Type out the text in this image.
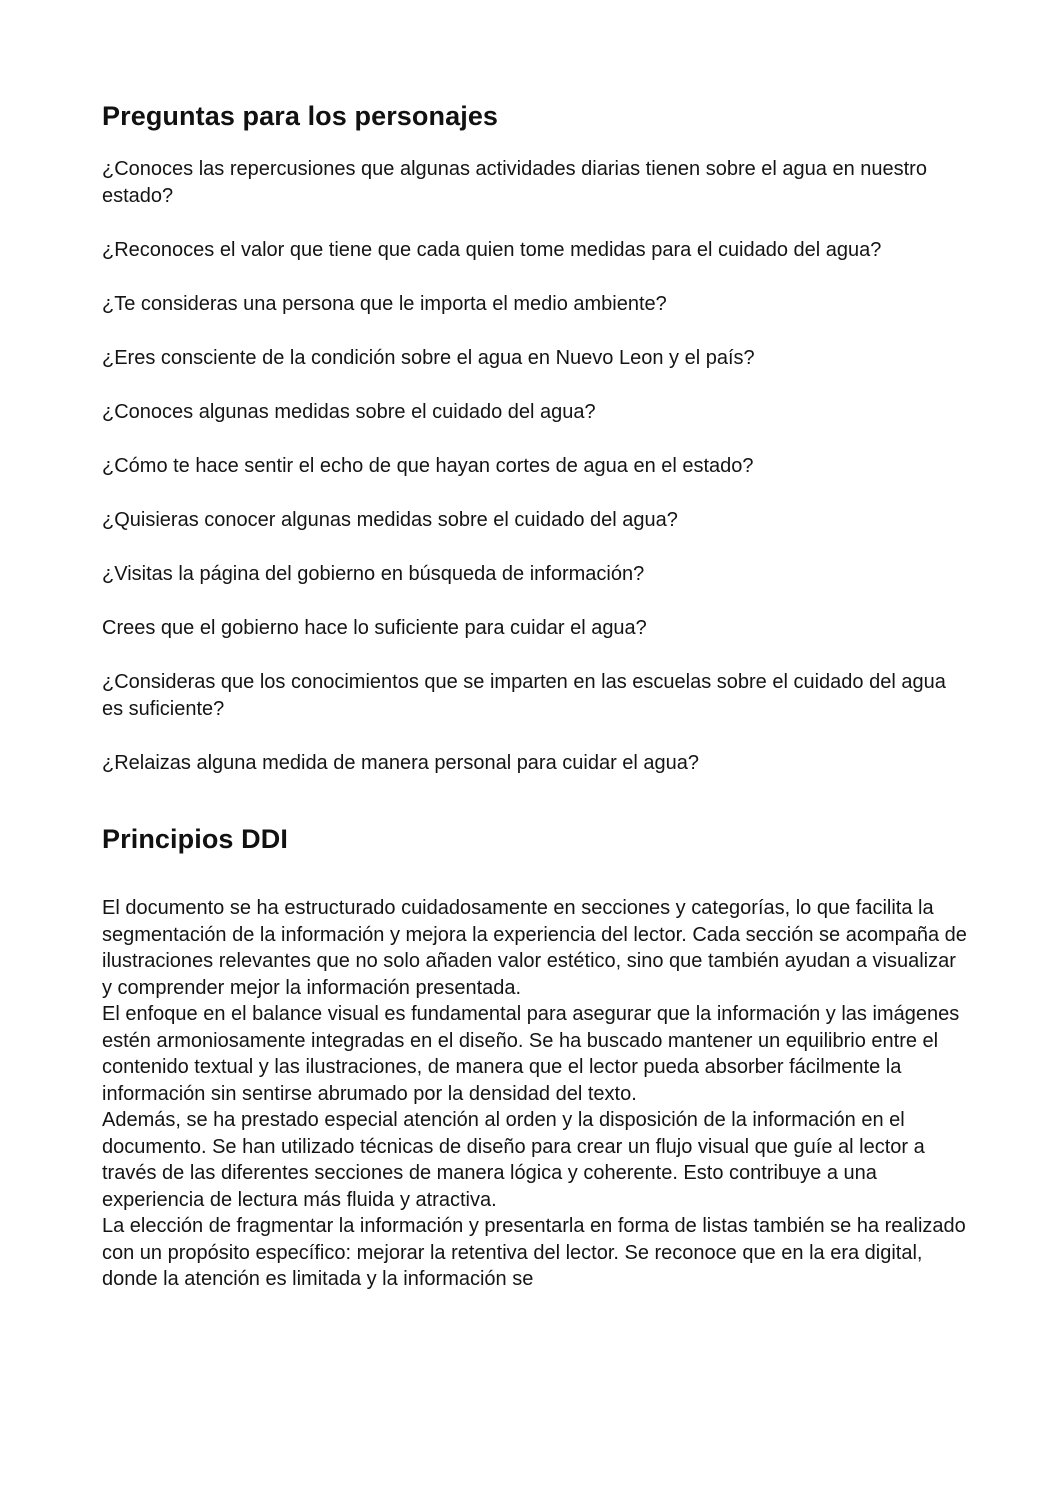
Preguntas para los personajes

¿Conoces las repercusiones que algunas actividades diarias tienen sobre el agua en nuestro estado?

¿Reconoces el valor que tiene que cada quien tome medidas para el cuidado del agua?

¿Te consideras una persona que le importa el medio ambiente?

¿Eres consciente de la condición sobre el agua en Nuevo Leon y el país?

¿Conoces algunas medidas sobre el cuidado del agua?

¿Cómo te hace sentir el echo de que hayan cortes de agua en el estado?

¿Quisieras conocer algunas medidas sobre el cuidado del agua?

¿Visitas la página del gobierno en búsqueda de información?

Crees que el gobierno hace lo suficiente para cuidar el agua?

¿Consideras que los conocimientos que se imparten en las escuelas sobre el cuidado del agua es suficiente?

¿Relaizas alguna medida de manera personal para cuidar el agua?

Principios DDI

El documento se ha estructurado cuidadosamente en secciones y categorías, lo que facilita la segmentación de la información y mejora la experiencia del lector. Cada sección se acompaña de ilustraciones relevantes que no solo añaden valor estético, sino que también ayudan a visualizar y comprender mejor la información presentada.

El enfoque en el balance visual es fundamental para asegurar que la información y las imágenes estén armoniosamente integradas en el diseño. Se ha buscado mantener un equilibrio entre el contenido textual y las ilustraciones, de manera que el lector pueda absorber fácilmente la información sin sentirse abrumado por la densidad del texto.

Además, se ha prestado especial atención al orden y la disposición de la información en el documento. Se han utilizado técnicas de diseño para crear un flujo visual que guíe al lector a través de las diferentes secciones de manera lógica y coherente. Esto contribuye a una experiencia de lectura más fluida y atractiva.

La elección de fragmentar la información y presentarla en forma de listas también se ha realizado con un propósito específico: mejorar la retentiva del lector. Se reconoce que en la era digital, donde la atención es limitada y la información se
